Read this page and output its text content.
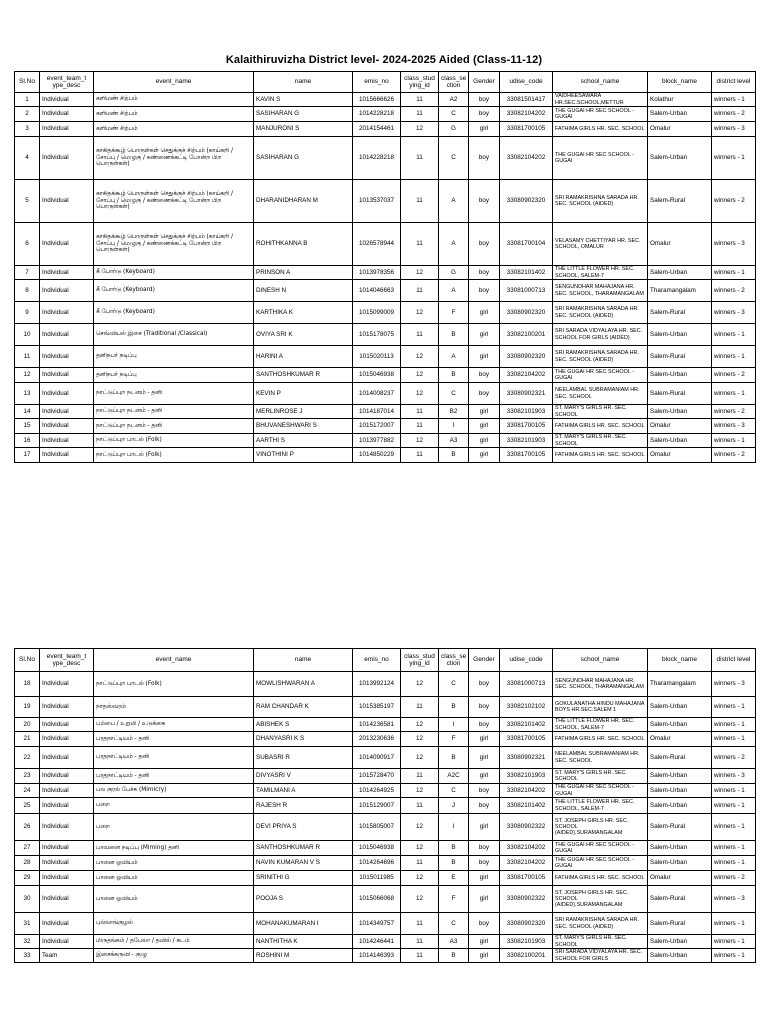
Kalaithiruvizha District level- 2024-2025 Aided (Class-11-12)
Sl.No	event_team_t ype_desc	event_name	name	emis_no	class_stud ying_id	class_se ction	Gender	udise_code	school_name	block_name	district level
1	Individual	களிமண் சிற்பம்	KAVIN S	1015666626	11	A2	boy	33081501417	VAIDHEESAWARA HR.SEC.SCHOOL,METTUR	Kolathur	winners - 1
2	Individual	களிமண் சிற்பம்	SASIHARAN G	1014228218	11	C	boy	33082104202	THE GUGAI HR SEC SCHOOL - GUGAI	Salem-Urban	winners - 2
3	Individual	களிமண் சிற்பம்	MANJURONI S	2014154461	12	G	girl	33081700105	FATHIMA GIRLS HR. SEC. SCHOOL	Omalur	winners - 3
4	Individual	காகிதக்கூழ் பொருள்கள் செதுக்குச் சிற்பம் (காய்கறி / சோப்பு / மெழுகு / கண்ணைக்கட்டி போன்ற பிற பொருள்கள்)	SASIHARAN G	1014228218	11	C	boy	33082104202	THE GUGAI HR SEC SCHOOL - GUGAI	Salem-Urban	winners - 1
5	Individual	காகிதக்கூழ் பொருள்கள் செதுக்குச் சிற்பம் (காய்கறி / சோப்பு / மெழுகு / கண்ணைக்கட்டி போன்ற பிற பொருள்கள்)	DHARANIDHARAN M	1013537037	11	A	boy	33080902320	SRI RAMAKRISHNA SARADA HR. SEC. SCHOOL (AIDED)	Salem-Rural	winners - 2
6	Individual	காகிதக்கூழ் பொருள்கள் செதுக்குச் சிற்பம் (காய்கறி / சோப்பு / மெழுகு / கண்ணைக்கட்டி போன்ற பிற பொருள்கள்)	ROHITHKANNA B	1026578944	11	A	boy	33081700104	VELASAMY CHETTIYAR HR. SEC. SCHOOL, OMALUR	Omalur	winners - 3
7	Individual	கீ போர்டு (Keyboard)	PRINSON A	1013978356	12	G	boy	33082101402	THE LITTLE FLOWER HR. SEC. SCHOOL, SALEM-7	Salem-Urban	winners - 1
8	Individual	கீ போர்டு (Keyboard)	DINESH N	1014046663	11	A	boy	33081000713	SENGUNDHAR MAHAJANA HR. SEC. SCHOOL, THARAMANGALAM	Tharamangalam	winners - 2
9	Individual	கீ போர்டு (Keyboard)	KARTHIKA K	1015099009	12	F	girl	33080902320	SRI RAMAKRISHNA SARADA HR. SEC. SCHOOL (AIDED)	Salem-Rural	winners - 3
10	Individual	செவ்வியல் இசை (Traditional /Classical)	OVIYA SRI K	1015178075	11	B	girl	33082100201	SRI SARADA VIDYALAYA HR. SEC. SCHOOL FOR GIRLS (AIDED)	Salem-Urban	winners - 1
11	Individual	தனிநபர் நடிப்பு	HARINI A	1015020113	12	A	girl	33080902320	SRI RAMAKRISHNA SARADA HR. SEC. SCHOOL (AIDED)	Salem-Rural	winners - 1
12	Individual	தனிநபர் நடிப்பு	SANTHOSHKUMAR R	1015046938	12	B	boy	33082104202	THE GUGAI HR SEC SCHOOL - GUGAI	Salem-Urban	winners - 2
13	Individual	நாட்டுப்புற நடனம் - தனி	KEVIN P	1014008237	12	C	boy	33080902321	NEELAMBAL SUBRAMANIAM HR. SEC. SCHOOL	Salem-Rural	winners - 1
14	Individual	நாட்டுப்புற நடனம் - தனி	MERLINROSE J	1014187014	11	B2	girl	33082101903	ST. MARY'S GIRLS HR. SEC. SCHOOL	Salem-Urban	winners - 2
15	Individual	நாட்டுப்புற நடனம் - தனி	BHUVANESHWARI S	1015172007	11	I	girl	33081700105	FATHIMA GIRLS HR. SEC. SCHOOL	Omalur	winners - 3
16	Individual	நாட்டுப்புற பாடல் (Folk)	AARTHI S	1013977882	12	A3	girl	33082101903	ST. MARY'S GIRLS HR. SEC. SCHOOL	Salem-Urban	winners - 1
17	Individual	நாட்டுப்புற பாடல் (Folk)	VINOTHINI P	1014850229	11	B	girl	33081700105	FATHIMA GIRLS HR. SEC. SCHOOL	Omalur	winners - 2
Sl.No	event_team_t ype_desc	event_name	name	emis_no	class_stud ying_id	class_se ction	Gender	udise_code	school_name	block_name	district level
18	Individual	நாட்டுப்புற பாடல் (Folk)	MOWLISHWARAN A	1013992124	12	C	boy	33081000713	SENGUNDHAR MAHAJANA HR. SEC. SCHOOL, THARAMANGALAM	Tharamangalam	winners - 3
19	Individual	நாதஸ்வரம்	RAM CHANDAR K	1015385197	11	B	boy	33082102102	GOKULANATHA HINDU MAHAJANA BOYS HR.SEC.SALEM 1	Salem-Urban	winners - 1
20	Individual	பம்பை / உறுமி / உடுக்கை	ABISHEK S	1014236581	12	I	boy	33082101402	THE LITTLE FLOWER HR. SEC. SCHOOL, SALEM-7	Salem-Urban	winners - 1
21	Individual	பரதநாட்டியம் - தனி	DHANYASRI K S	2013230636	12	F	girl	33081700105	FATHIMA GIRLS HR. SEC. SCHOOL	Omalur	winners - 1
22	Individual	பரதநாட்டியம் - தனி	SUBASRI R	1014090917	12	B	girl	33080902321	NEELAMBAL SUBRAMANIAM HR. SEC. SCHOOL	Salem-Rural	winners - 2
23	Individual	பரதநாட்டியம் - தனி	DIVYASRI V	1015728470	11	A2C	girl	33082101903	ST. MARY'S GIRLS HR. SEC. SCHOOL	Salem-Urban	winners - 3
24	Individual	பல குரல் பேச்சு (Mimicry)	TAMILMANI A	1014264925	12	C	boy	33082104202	THE GUGAI HR SEC SCHOOL - GUGAI	Salem-Urban	winners - 1
25	Individual	பறை	RAJESH R	1015129007	11	J	boy	33082101402	THE LITTLE FLOWER HR. SEC. SCHOOL, SALEM-7	Salem-Urban	winners - 1
26	Individual	பறை	DEVI PRIYA S	1015805007	12	I	girl	33080902322	ST. JOSEPH GIRLS HR. SEC. SCHOOL (AIDED),SURAMANGALAM	Salem-Rural	winners - 1
27	Individual	பாவனை நடிப்பு (Miming) தனி	SANTHOSHKUMAR R	1015046938	12	B	boy	33082104202	THE GUGAI HR SEC SCHOOL - GUGAI	Salem-Urban	winners - 1
28	Individual	பானை ஓவியம்	NAVIN KUMARAN V S	1014264696	11	B	boy	33082104202	THE GUGAI HR SEC SCHOOL - GUGAI	Salem-Urban	winners - 1
29	Individual	பானை ஓவியம்	SRINITHI G	1015011985	12	E	girl	33081700105	FATHIMA GIRLS HR. SEC. SCHOOL	Omalur	winners - 2
30	Individual	பானை ஓவியம்	POOJA S	1015066068	12	F	girl	33080902322	ST. JOSEPH GIRLS HR. SEC. SCHOOL (AIDED),SURAMANGALAM	Salem-Rural	winners - 3
31	Individual	புல்லாங்குழல்	MOHANAKUMARAN I	1014349757	11	C	boy	33080902320	SRI RAMAKRISHNA SARADA HR. SEC. SCHOOL (AIDED)	Salem-Rural	winners - 1
32	Individual	மிருதங்கம் / தபேலா / தவில் / கடம்	NANTHITHA K	1014246441	11	A3	girl	33082101903	ST. MARY'S GIRLS HR. SEC. SCHOOL	Salem-Urban	winners - 1
33	Team	இசைக்கருவி - குழு	ROSHINI M	1014146393	11	B	girl	33082100201	SRI SARADA VIDYALAYA HR. SEC. SCHOOL FOR GIRLS	Salem-Urban	winners - 1
